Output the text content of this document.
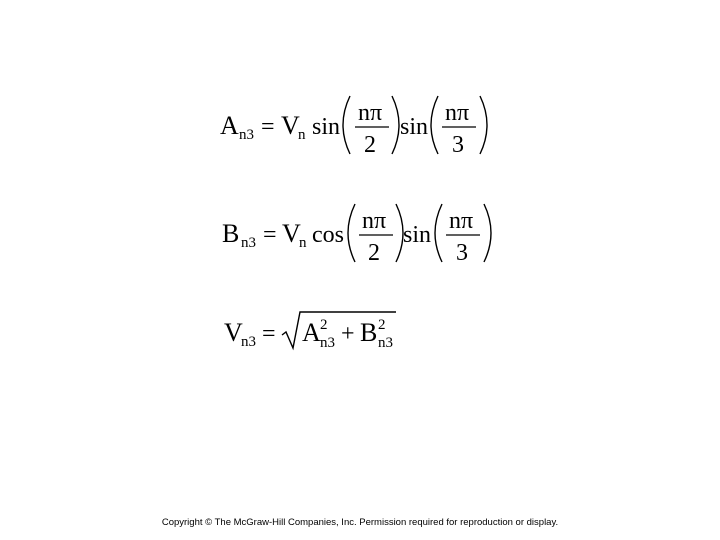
A n3 = V
n sin
nπ
2
sin
nπ
3
B n3 = V
n cos
nπ
2
sin
nπ
3
V
n3 = A 2
n3 + B 2
n3
Copyright © The McGraw-Hill Companies, Inc. Permission required for reproduction or display.
